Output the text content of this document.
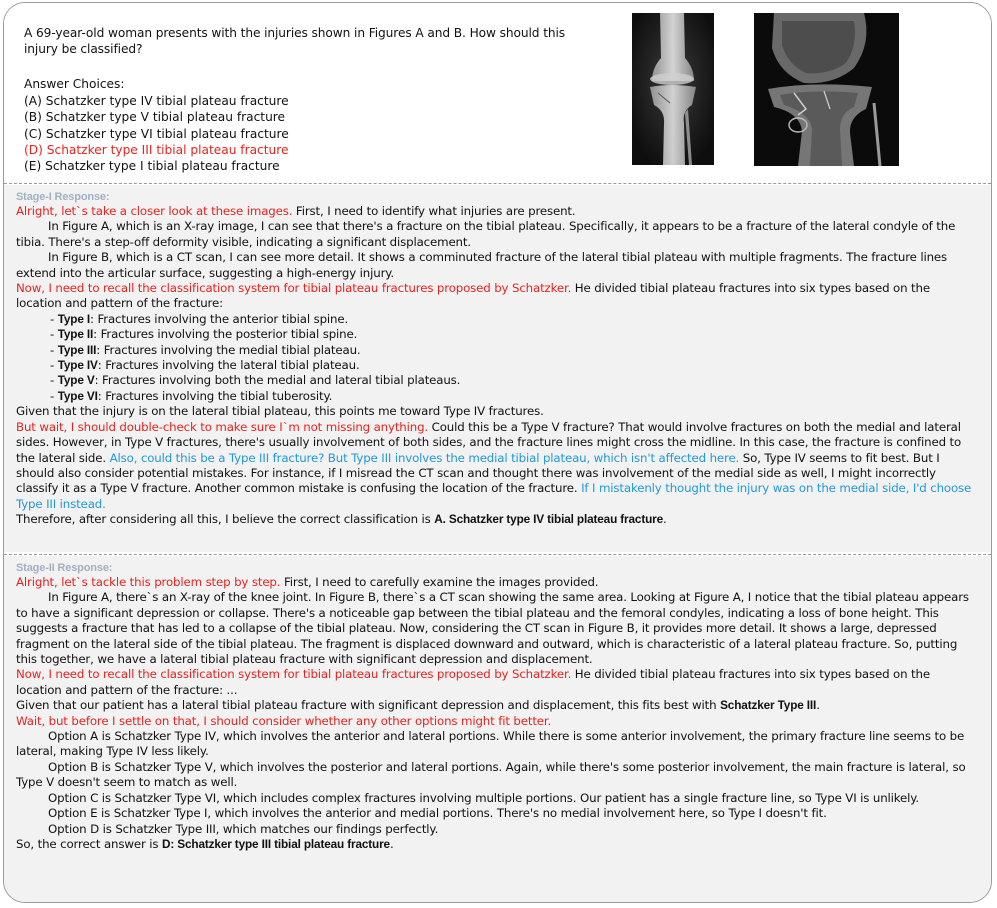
A 69-year-old woman presents with the injuries shown in Figures A and B. How should this injury be classified?

Answer Choices:
(A) Schatzker type IV tibial plateau fracture
(B) Schatzker type V tibial plateau fracture
(C) Schatzker type VI tibial plateau fracture
(D) Schatzker type III tibial plateau fracture
(E) Schatzker type I tibial plateau fracture

Stage-I Response:

Alright, let`s take a closer look at these images. First, I need to identify what injuries are present.

In Figure A, which is an X-ray image, I can see that there's a fracture on the tibial plateau. Specifically, it appears to be a fracture of the lateral condyle of the tibia. There's a step-off deformity visible, indicating a significant displacement.

In Figure B, which is a CT scan, I can see more detail. It shows a comminuted fracture of the lateral tibial plateau with multiple fragments. The fracture lines extend into the articular surface, suggesting a high-energy injury.

Now, I need to recall the classification system for tibial plateau fractures proposed by Schatzker. He divided tibial plateau fractures into six types based on the location and pattern of the fracture:

- Type I: Fractures involving the anterior tibial spine.

- Type II: Fractures involving the posterior tibial spine.

- Type III: Fractures involving the medial tibial plateau.

- Type IV: Fractures involving the lateral tibial plateau.

- Type V: Fractures involving both the medial and lateral tibial plateaus.

- Type VI: Fractures involving the tibial tuberosity.

Given that the injury is on the lateral tibial plateau, this points me toward Type IV fractures.

But wait, I should double-check to make sure I`m not missing anything. Could this be a Type V fracture? That would involve fractures on both the medial and lateral sides. However, in Type V fractures, there's usually involvement of both sides, and the fracture lines might cross the midline. In this case, the fracture is confined to the lateral side. Also, could this be a Type III fracture? But Type III involves the medial tibial plateau, which isn't affected here. So, Type IV seems to fit best. But I should also consider potential mistakes. For instance, if I misread the CT scan and thought there was involvement of the medial side as well, I might incorrectly classify it as a Type V fracture. Another common mistake is confusing the location of the fracture. If I mistakenly thought the injury was on the medial side, I'd choose Type III instead.

Therefore, after considering all this, I believe the correct classification is A. Schatzker type IV tibial plateau fracture.

Stage-II Response:

Alright, let`s tackle this problem step by step. First, I need to carefully examine the images provided.

In Figure A, there`s an X-ray of the knee joint. In Figure B, there`s a CT scan showing the same area. Looking at Figure A, I notice that the tibial plateau appears to have a significant depression or collapse. There's a noticeable gap between the tibial plateau and the femoral condyles, indicating a loss of bone height. This suggests a fracture that has led to a collapse of the tibial plateau. Now, considering the CT scan in Figure B, it provides more detail. It shows a large, depressed fragment on the lateral side of the tibial plateau. The fragment is displaced downward and outward, which is characteristic of a lateral plateau fracture. So, putting this together, we have a lateral tibial plateau fracture with significant depression and displacement.

Now, I need to recall the classification system for tibial plateau fractures proposed by Schatzker. He divided tibial plateau fractures into six types based on the location and pattern of the fracture: ...

Given that our patient has a lateral tibial plateau fracture with significant depression and displacement, this fits best with Schatzker Type III.

Wait, but before I settle on that, I should consider whether any other options might fit better.

Option A is Schatzker Type IV, which involves the anterior and lateral portions. While there is some anterior involvement, the primary fracture line seems to be lateral, making Type IV less likely.

Option B is Schatzker Type V, which involves the posterior and lateral portions. Again, while there's some posterior involvement, the main fracture is lateral, so Type V doesn't seem to match as well.

Option C is Schatzker Type VI, which includes complex fractures involving multiple portions. Our patient has a single fracture line, so Type VI is unlikely.

Option E is Schatzker Type I, which involves the anterior and medial portions. There's no medial involvement here, so Type I doesn't fit.

Option D is Schatzker Type III, which matches our findings perfectly.

So, the correct answer is D: Schatzker type III tibial plateau fracture.
